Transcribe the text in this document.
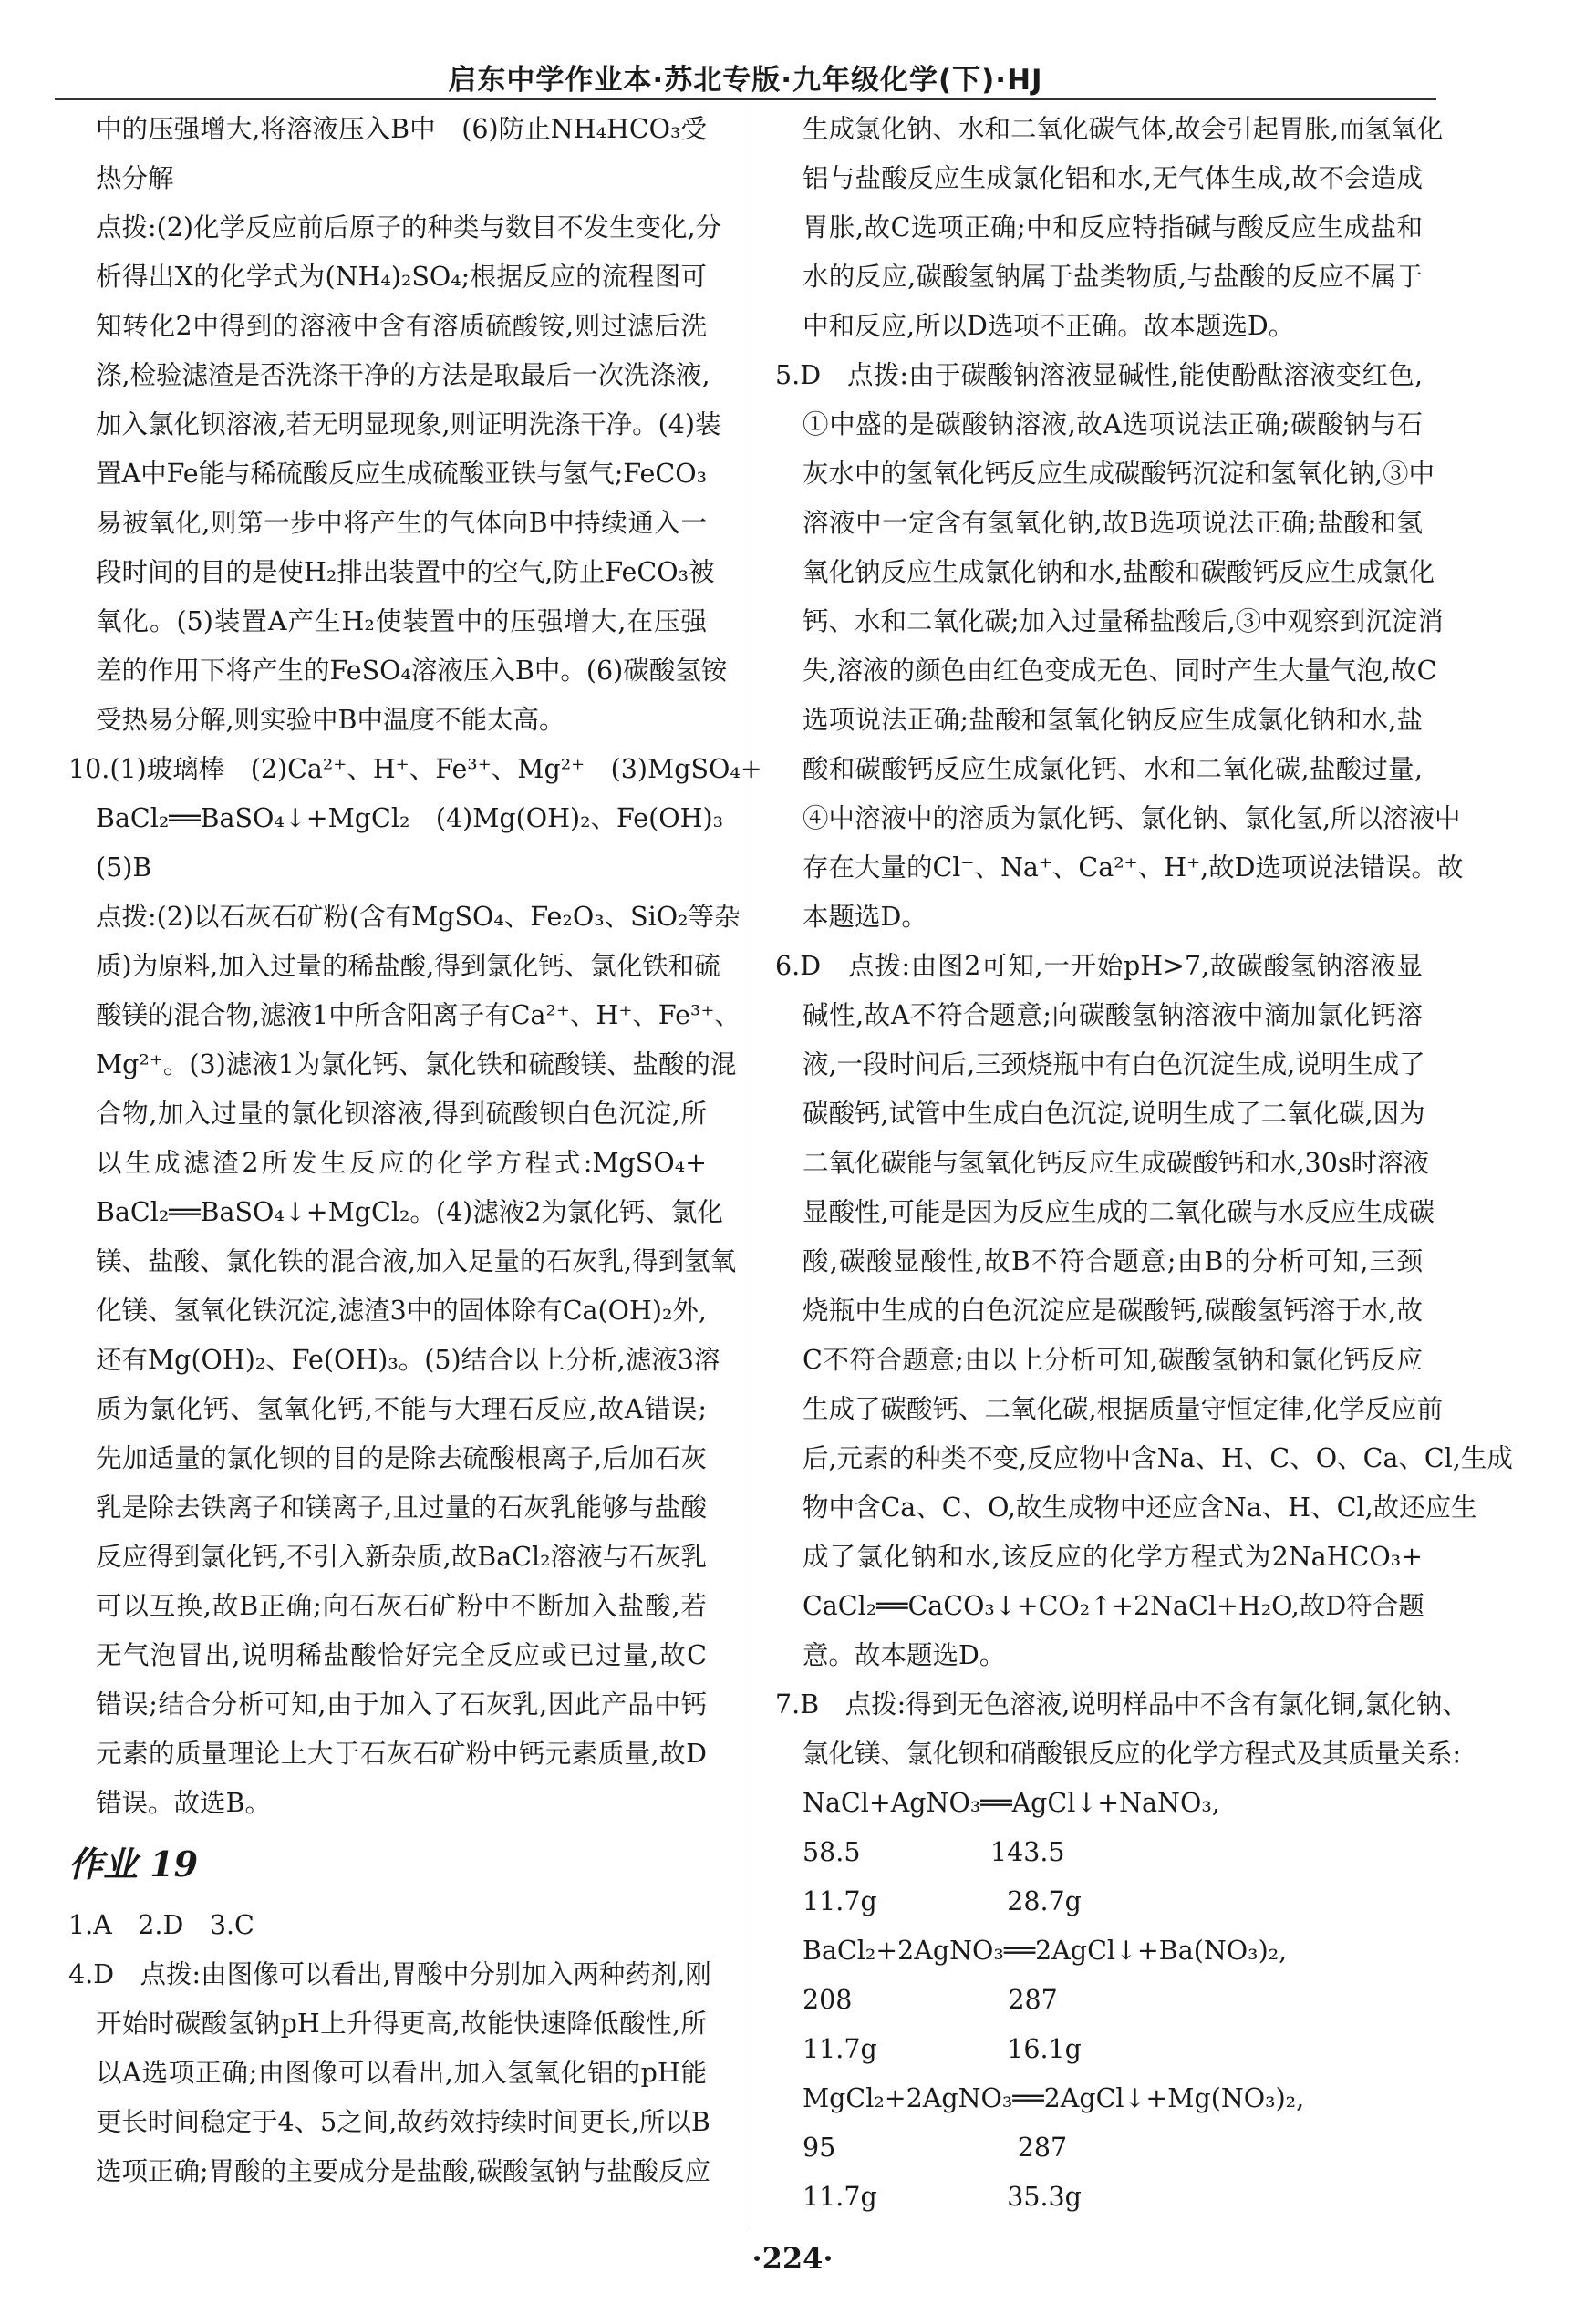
启东中学作业本·苏北专版·九年级化学(下)·HJ
中的压强增大,将溶液压入B中　(6)防止NH₄HCO₃受
热分解
点拨:(2)化学反应前后原子的种类与数目不发生变化,分
析得出X的化学式为(NH₄)₂SO₄;根据反应的流程图可
知转化2中得到的溶液中含有溶质硫酸铵,则过滤后洗
涤,检验滤渣是否洗涤干净的方法是取最后一次洗涤液,
加入氯化钡溶液,若无明显现象,则证明洗涤干净。(4)装
置A中Fe能与稀硫酸反应生成硫酸亚铁与氢气;FeCO₃
易被氧化,则第一步中将产生的气体向B中持续通入一
段时间的目的是使H₂排出装置中的空气,防止FeCO₃被
氧化。(5)装置A产生H₂使装置中的压强增大,在压强
差的作用下将产生的FeSO₄溶液压入B中。(6)碳酸氢铵
受热易分解,则实验中B中温度不能太高。
10.(1)玻璃棒　(2)Ca²⁺、H⁺、Fe³⁺、Mg²⁺　(3)MgSO₄+
BaCl₂══BaSO₄↓+MgCl₂　(4)Mg(OH)₂、Fe(OH)₃
(5)B
点拨:(2)以石灰石矿粉(含有MgSO₄、Fe₂O₃、SiO₂等杂
质)为原料,加入过量的稀盐酸,得到氯化钙、氯化铁和硫
酸镁的混合物,滤液1中所含阳离子有Ca²⁺、H⁺、Fe³⁺、
Mg²⁺。(3)滤液1为氯化钙、氯化铁和硫酸镁、盐酸的混
合物,加入过量的氯化钡溶液,得到硫酸钡白色沉淀,所
以生成滤渣2所发生反应的化学方程式:MgSO₄+
BaCl₂══BaSO₄↓+MgCl₂。(4)滤液2为氯化钙、氯化
镁、盐酸、氯化铁的混合液,加入足量的石灰乳,得到氢氧
化镁、氢氧化铁沉淀,滤渣3中的固体除有Ca(OH)₂外,
还有Mg(OH)₂、Fe(OH)₃。(5)结合以上分析,滤液3溶
质为氯化钙、氢氧化钙,不能与大理石反应,故A错误;
先加适量的氯化钡的目的是除去硫酸根离子,后加石灰
乳是除去铁离子和镁离子,且过量的石灰乳能够与盐酸
反应得到氯化钙,不引入新杂质,故BaCl₂溶液与石灰乳
可以互换,故B正确;向石灰石矿粉中不断加入盐酸,若
无气泡冒出,说明稀盐酸恰好完全反应或已过量,故C
错误;结合分析可知,由于加入了石灰乳,因此产品中钙
元素的质量理论上大于石灰石矿粉中钙元素质量,故D
错误。故选B。
作业 19
1.A　2.D　3.C
4.D　点拨:由图像可以看出,胃酸中分别加入两种药剂,刚
开始时碳酸氢钠pH上升得更高,故能快速降低酸性,所
以A选项正确;由图像可以看出,加入氢氧化铝的pH能
更长时间稳定于4、5之间,故药效持续时间更长,所以B
选项正确;胃酸的主要成分是盐酸,碳酸氢钠与盐酸反应
生成氯化钠、水和二氧化碳气体,故会引起胃胀,而氢氧化
铝与盐酸反应生成氯化铝和水,无气体生成,故不会造成
胃胀,故C选项正确;中和反应特指碱与酸反应生成盐和
水的反应,碳酸氢钠属于盐类物质,与盐酸的反应不属于
中和反应,所以D选项不正确。故本题选D。
5.D　点拨:由于碳酸钠溶液显碱性,能使酚酞溶液变红色,
①中盛的是碳酸钠溶液,故A选项说法正确;碳酸钠与石
灰水中的氢氧化钙反应生成碳酸钙沉淀和氢氧化钠,③中
溶液中一定含有氢氧化钠,故B选项说法正确;盐酸和氢
氧化钠反应生成氯化钠和水,盐酸和碳酸钙反应生成氯化
钙、水和二氧化碳;加入过量稀盐酸后,③中观察到沉淀消
失,溶液的颜色由红色变成无色、同时产生大量气泡,故C
选项说法正确;盐酸和氢氧化钠反应生成氯化钠和水,盐
酸和碳酸钙反应生成氯化钙、水和二氧化碳,盐酸过量,
④中溶液中的溶质为氯化钙、氯化钠、氯化氢,所以溶液中
存在大量的Cl⁻、Na⁺、Ca²⁺、H⁺,故D选项说法错误。故
本题选D。
6.D　点拨:由图2可知,一开始pH>7,故碳酸氢钠溶液显
碱性,故A不符合题意;向碳酸氢钠溶液中滴加氯化钙溶
液,一段时间后,三颈烧瓶中有白色沉淀生成,说明生成了
碳酸钙,试管中生成白色沉淀,说明生成了二氧化碳,因为
二氧化碳能与氢氧化钙反应生成碳酸钙和水,30s时溶液
显酸性,可能是因为反应生成的二氧化碳与水反应生成碳
酸,碳酸显酸性,故B不符合题意;由B的分析可知,三颈
烧瓶中生成的白色沉淀应是碳酸钙,碳酸氢钙溶于水,故
C不符合题意;由以上分析可知,碳酸氢钠和氯化钙反应
生成了碳酸钙、二氧化碳,根据质量守恒定律,化学反应前
后,元素的种类不变,反应物中含Na、H、C、O、Ca、Cl,生成
物中含Ca、C、O,故生成物中还应含Na、H、Cl,故还应生
成了氯化钠和水,该反应的化学方程式为2NaHCO₃+
CaCl₂══CaCO₃↓+CO₂↑+2NaCl+H₂O,故D符合题
意。故本题选D。
7.B　点拨:得到无色溶液,说明样品中不含有氯化铜,氯化钠、
氯化镁、氯化钡和硝酸银反应的化学方程式及其质量关系:
NaCl+AgNO₃══AgCl↓+NaNO₃,
58.5　　　　　143.5
11.7g　　　　　28.7g
BaCl₂+2AgNO₃══2AgCl↓+Ba(NO₃)₂,
208　　　　　　287
11.7g　　　　　16.1g
MgCl₂+2AgNO₃══2AgCl↓+Mg(NO₃)₂,
95　　　　　　　287
11.7g　　　　　35.3g
·224·
